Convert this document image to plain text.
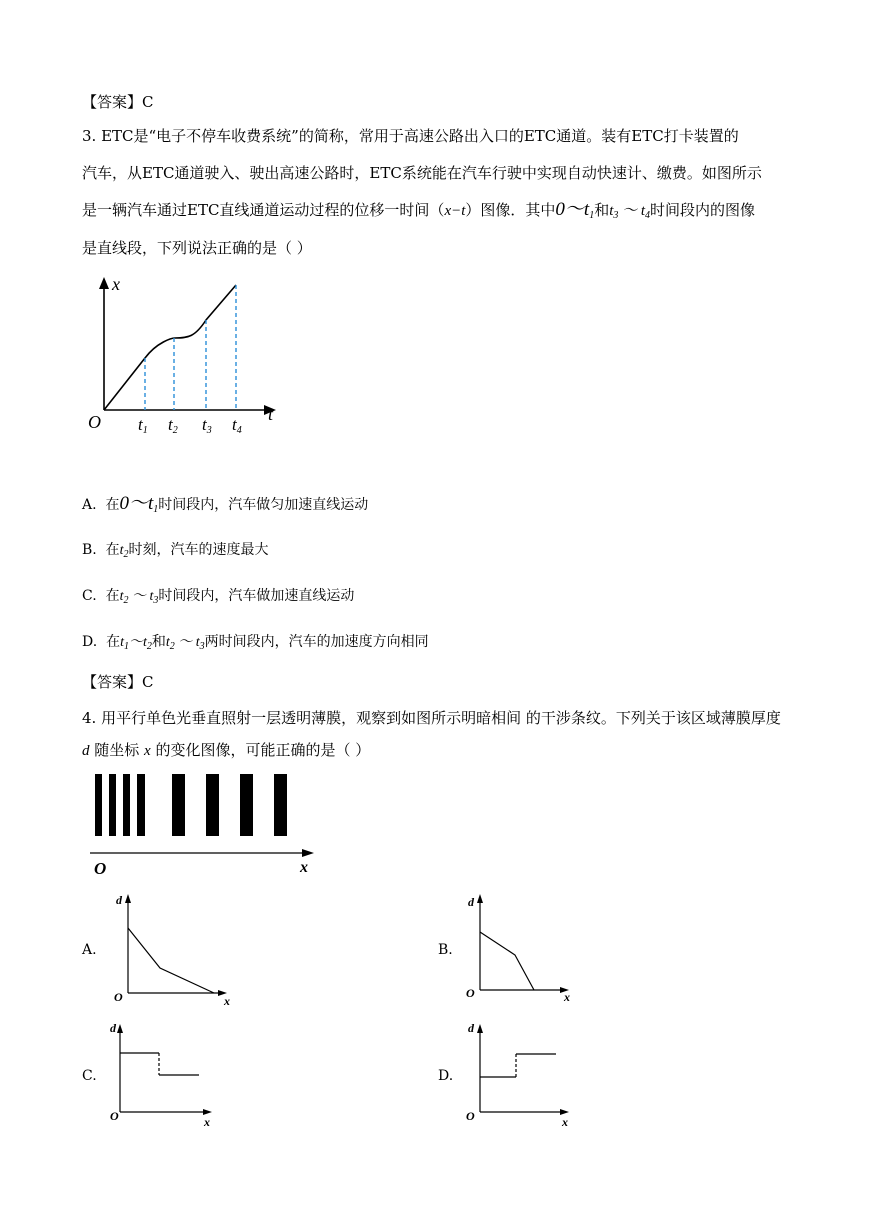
【答案】C
3. ETC是“电子不停车收费系统”的简称，常用于高速公路出入口的ETC通道。装有ETC打卡装置的
汽车，从ETC通道驶入、驶出高速公路时，ETC系统能在汽车行驶中实现自动快速计、缴费。如图所示
是一辆汽车通过ETC直线通道运动过程的位移一时间（x−t）图像．其中$0\sim t_1$和$t_3$ ～ $t_4$时间段内的图像
是直线段，下列说法正确的是（ ）
x
t
O t1 t2 t3 t4
A.  在$0\sim t_1$时间段内，汽车做匀加速直线运动
B.  在$t_2$时刻，汽车的速度最大
C.  在$t_2$ ～ $t_3$时间段内，汽车做加速直线运动
D.  在$t_1\sim t_2$和$t_2$ ～ $t_3$两时间段内，汽车的加速度方向相同
【答案】C
4. 用平行单色光垂直照射一层透明薄膜，观察到如图所示明暗相间 的干涉条纹。下列关于该区域薄膜厚度
d 随坐标 x 的变化图像，可能正确的是（ ）
O	x
A.
d
O	x
B.
d
O	x
C.
d
O	x
D.
d
O	x
